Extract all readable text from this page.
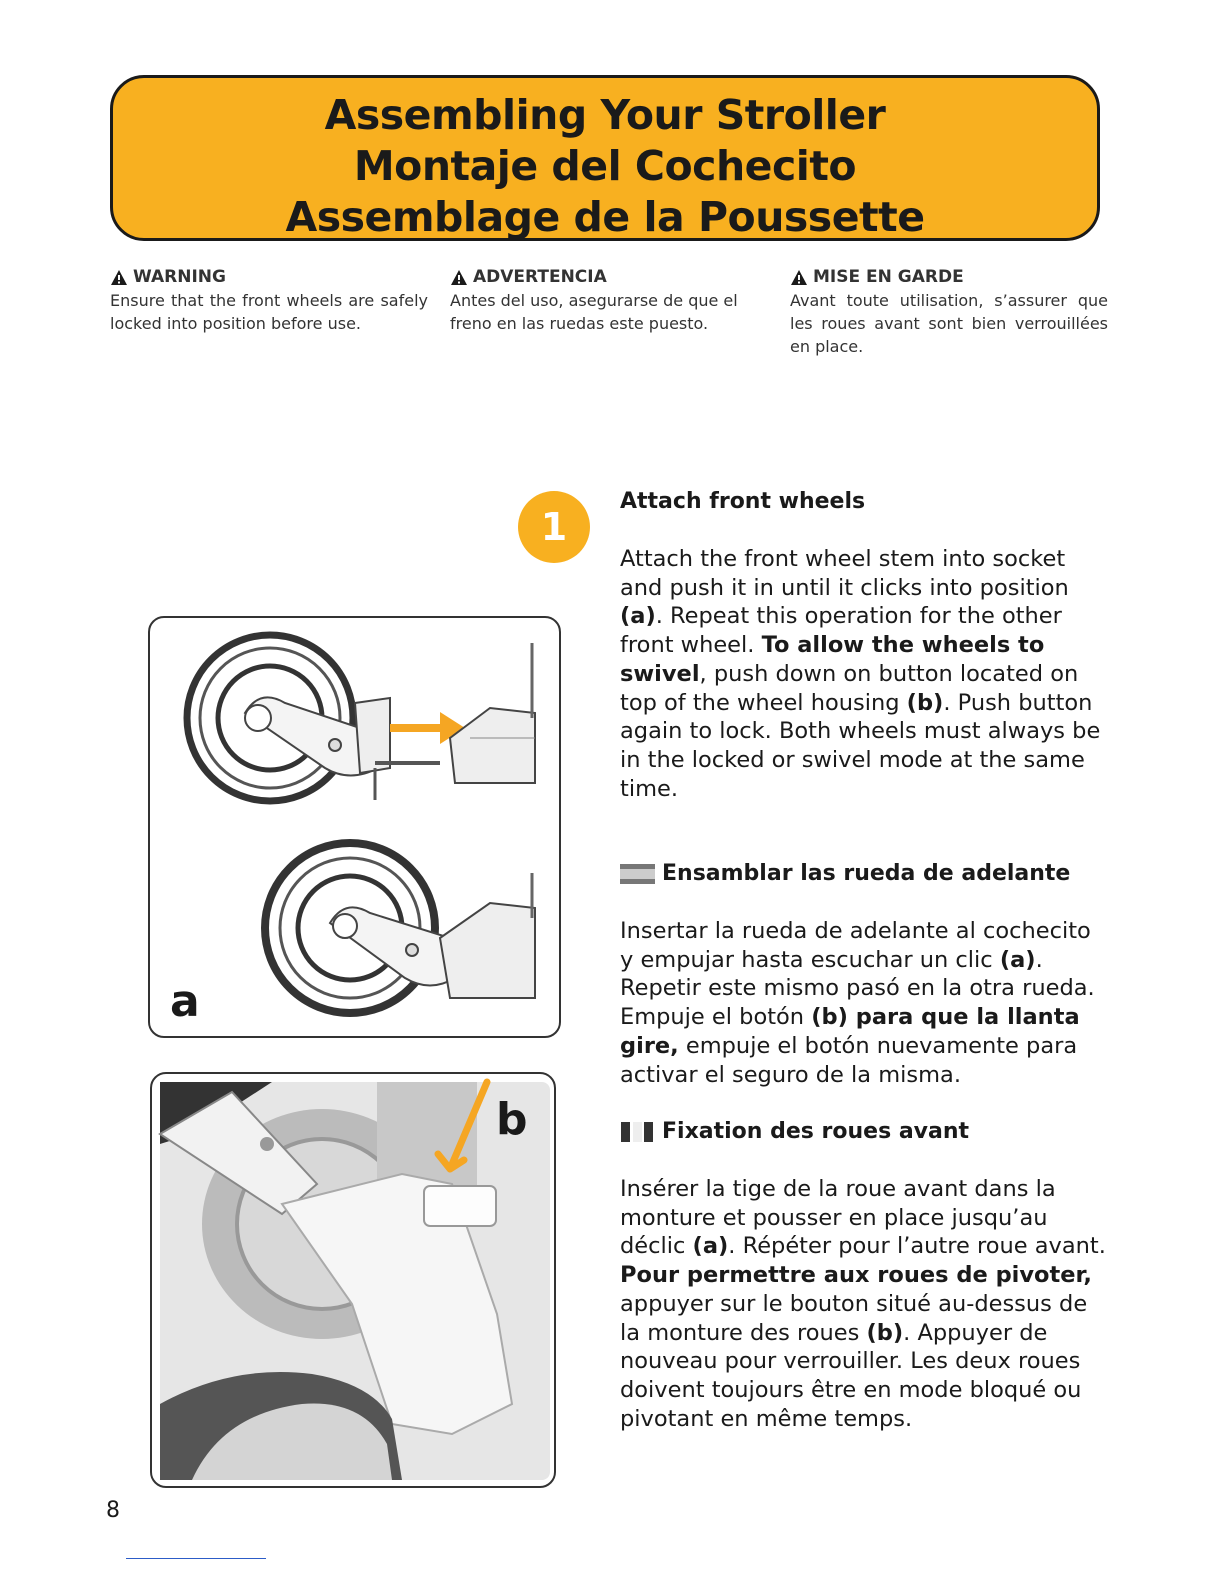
Assembling Your Stroller
Montaje del Cochecito
Assemblage de la Poussette
WARNING
Ensure that the front wheels are safely locked into position before use.
ADVERTENCIA
Antes del uso, asegurarse de que el freno en las ruedas este puesto.
MISE EN GARDE
Avant toute utilisation, s’assurer que les roues avant sont bien verrouillées en place.
1
Attach front wheels
Attach the front wheel stem into socket and push it in until it clicks into position (a). Repeat this operation for the other front wheel. To allow the wheels to swivel, push down on button located on top of the wheel housing (b). Push button again to lock. Both wheels must always be in the locked or swivel mode at the same time.
Ensamblar las rueda de adelante
Insertar la rueda de adelante al cochecito y empujar hasta escuchar un clic (a). Repetir este mismo pasó en la otra rueda. Empuje el botón (b) para que la llanta gire, empuje el botón nuevamente para activar el seguro de la misma.
Fixation des roues avant
Insérer la tige de la roue avant dans la monture et pousser en place jusqu’au déclic (a). Répéter pour l’autre roue avant. Pour permettre aux roues de pivoter, appuyer sur le bouton situé au-dessus de la monture des roues (b). Appuyer de nouveau pour verrouiller. Les deux roues doivent toujours être en mode bloqué ou pivotant en même temps.
a
b
8
